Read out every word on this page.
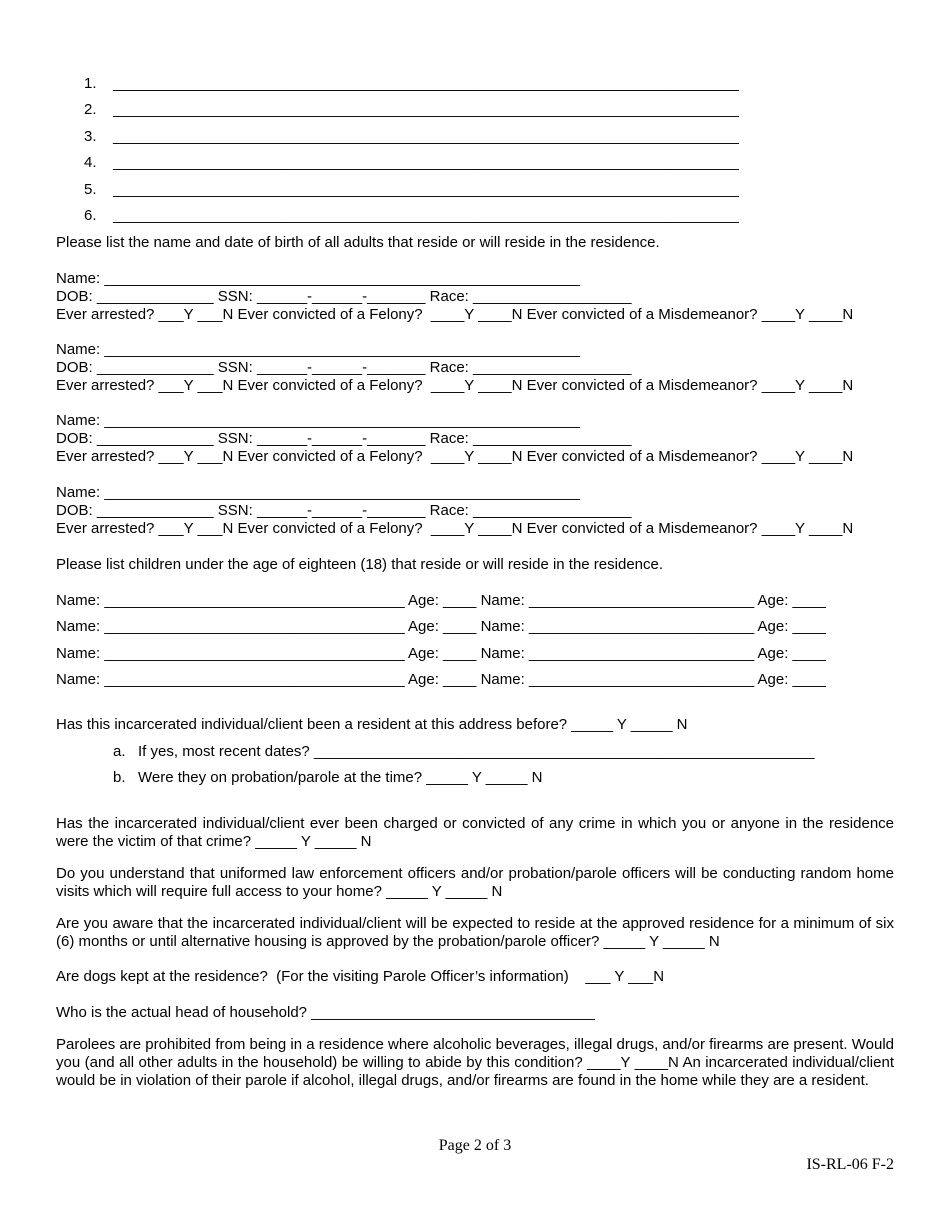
1.    ___________________________________________________________________________
2.    ___________________________________________________________________________
3.    ___________________________________________________________________________
4.    ___________________________________________________________________________
5.    ___________________________________________________________________________
6.    ___________________________________________________________________________
Please list the name and date of birth of all adults that reside or will reside in the residence.
Name: _________________________________________________________
DOB: ______________ SSN: ______-______-_______ Race: ___________________
Ever arrested? ___Y ___N Ever convicted of a Felony?  ____Y ____N Ever convicted of a Misdemeanor? ____Y ____N
Name: _________________________________________________________
DOB: ______________ SSN: ______-______-_______ Race: ___________________
Ever arrested? ___Y ___N Ever convicted of a Felony?  ____Y ____N Ever convicted of a Misdemeanor? ____Y ____N
Name: _________________________________________________________
DOB: ______________ SSN: ______-______-_______ Race: ___________________
Ever arrested? ___Y ___N Ever convicted of a Felony?  ____Y ____N Ever convicted of a Misdemeanor? ____Y ____N
Name: _________________________________________________________
DOB: ______________ SSN: ______-______-_______ Race: ___________________
Ever arrested? ___Y ___N Ever convicted of a Felony?  ____Y ____N Ever convicted of a Misdemeanor? ____Y ____N
Please list children under the age of eighteen (18) that reside or will reside in the residence.
Name: ____________________________________ Age: ____ Name: ___________________________ Age: ____
Name: ____________________________________ Age: ____ Name: ___________________________ Age: ____
Name: ____________________________________ Age: ____ Name: ___________________________ Age: ____
Name: ____________________________________ Age: ____ Name: ___________________________ Age: ____
Has this incarcerated individual/client been a resident at this address before? _____ Y _____ N
a.   If yes, most recent dates? ____________________________________________________________
b.   Were they on probation/parole at the time? _____ Y _____ N
Has the incarcerated individual/client ever been charged or convicted of any crime in which you or anyone in the residence were the victim of that crime? _____ Y _____ N
Do you understand that uniformed law enforcement officers and/or probation/parole officers will be conducting random home visits which will require full access to your home? _____ Y _____ N
Are you aware that the incarcerated individual/client will be expected to reside at the approved residence for a minimum of six (6) months or until alternative housing is approved by the probation/parole officer? _____ Y _____ N
Are dogs kept at the residence?  (For the visiting Parole Officer’s information)    ___ Y ___N
Who is the actual head of household? __________________________________
Parolees are prohibited from being in a residence where alcoholic beverages, illegal drugs, and/or firearms are present. Would you (and all other adults in the household) be willing to abide by this condition? ____Y ____N An incarcerated individual/client would be in violation of their parole if alcohol, illegal drugs, and/or firearms are found in the home while they are a resident.
Page 2 of 3
IS-RL-06 F-2
